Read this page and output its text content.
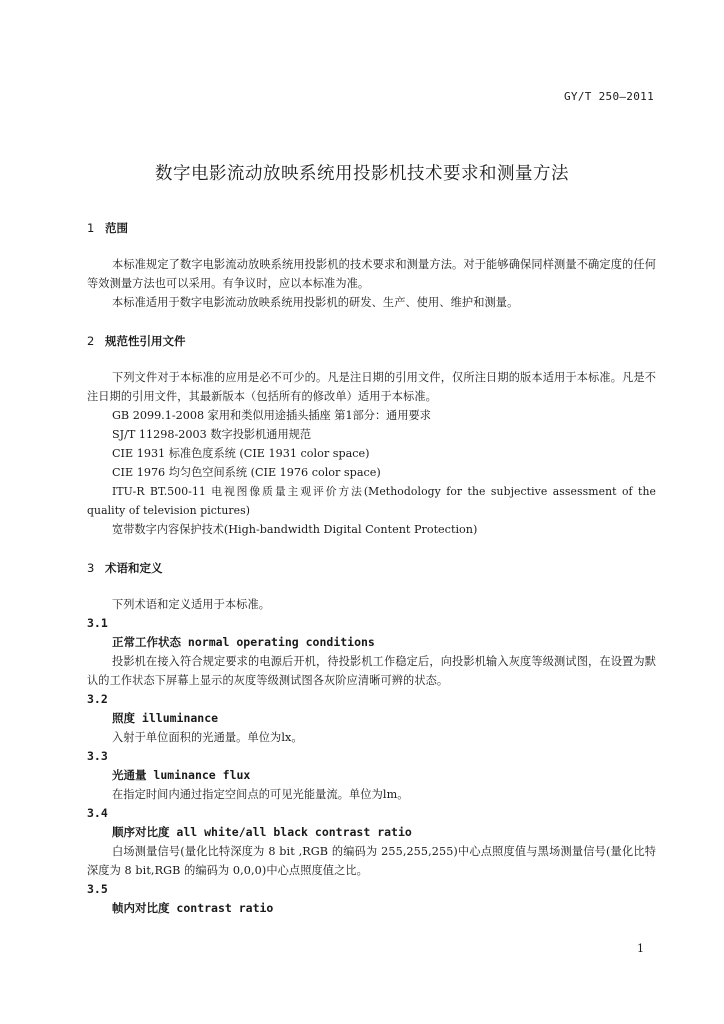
GY/T 250—2011
数字电影流动放映系统用投影机技术要求和测量方法
1 范围

本标准规定了数字电影流动放映系统用投影机的技术要求和测量方法。对于能够确保同样测量不确定度的任何等效测量方法也可以采用。有争议时，应以本标准为准。

本标准适用于数字电影流动放映系统用投影机的研发、生产、使用、维护和测量。

2 规范性引用文件

下列文件对于本标准的应用是必不可少的。凡是注日期的引用文件，仅所注日期的版本适用于本标准。凡是不注日期的引用文件，其最新版本（包括所有的修改单）适用于本标准。

GB 2099.1-2008 家用和类似用途插头插座 第1部分：通用要求

SJ/T 11298-2003 数字投影机通用规范

CIE 1931 标准色度系统 (CIE 1931 color space)

CIE 1976 均匀色空间系统 (CIE 1976 color space)

ITU-R BT.500-11 电视图像质量主观评价方法(Methodology for the subjective assessment of the quality of television pictures)

宽带数字内容保护技术(High-bandwidth Digital Content Protection)

3 术语和定义

下列术语和定义适用于本标准。

3.1
正常工作状态 normal operating conditions

投影机在接入符合规定要求的电源后开机，待投影机工作稳定后，向投影机输入灰度等级测试图，在设置为默认的工作状态下屏幕上显示的灰度等级测试图各灰阶应清晰可辨的状态。

3.2
照度 illuminance

入射于单位面积的光通量。单位为lx。

3.3
光通量 luminance flux

在指定时间内通过指定空间点的可见光能量流。单位为lm。

3.4
顺序对比度 all white/all black contrast ratio

白场测量信号(量化比特深度为 8 bit ,RGB 的编码为 255,255,255)中心点照度值与黑场测量信号(量化比特深度为 8 bit,RGB 的编码为 0,0,0)中心点照度值之比。

3.5
帧内对比度 contrast ratio
1
